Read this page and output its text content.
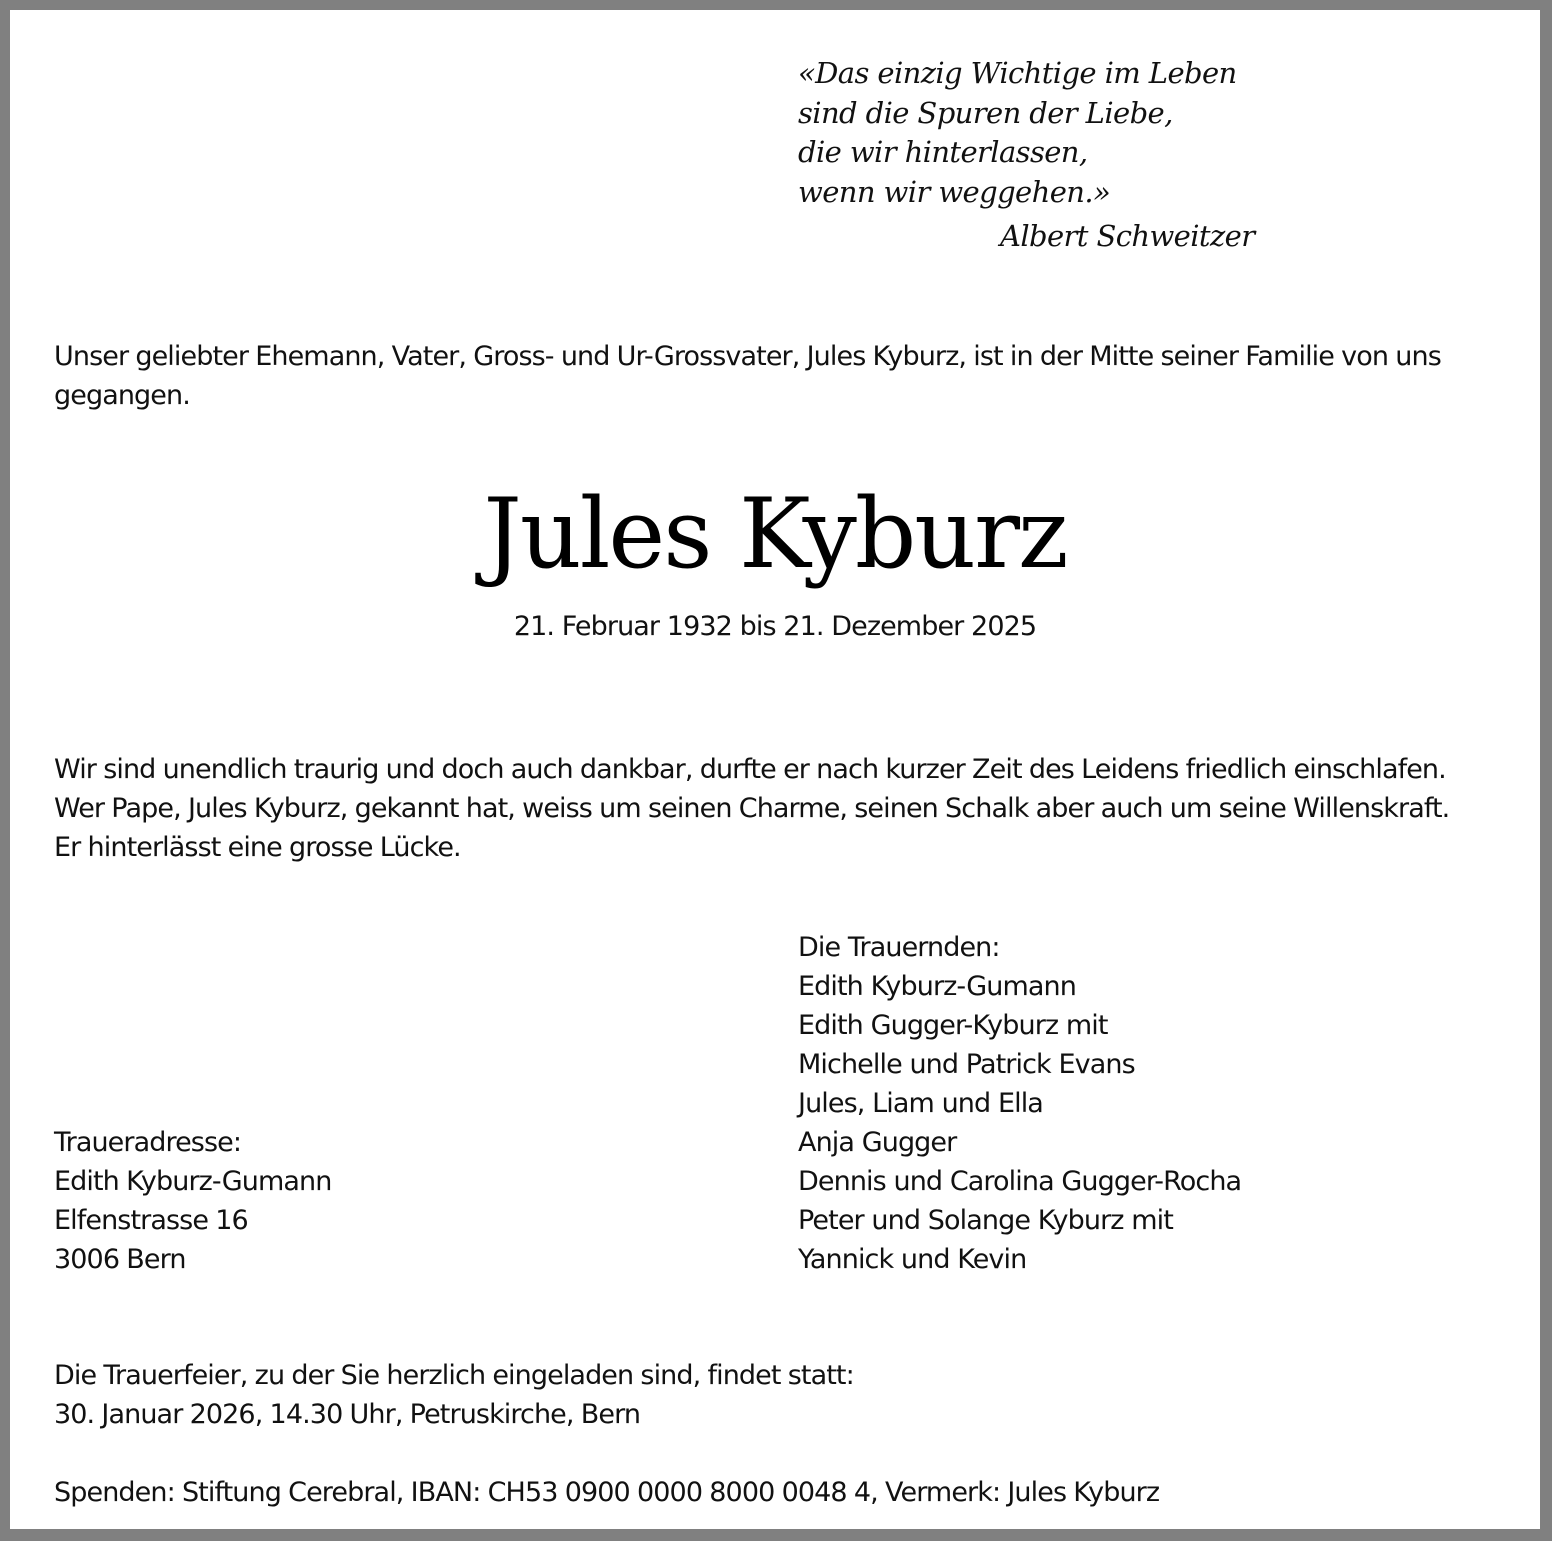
«Das einzig Wichtige im Leben
sind die Spuren der Liebe,
die wir hinterlassen,
wenn wir weggehen.»
Albert Schweitzer
Unser geliebter Ehemann, Vater, Gross- und Ur-Grossvater, Jules Kyburz, ist in der Mitte seiner Familie von uns gegangen.
Jules Kyburz
21. Februar 1932 bis 21. Dezember 2025
Wir sind unendlich traurig und doch auch dankbar, durfte er nach kurzer Zeit des Leidens friedlich einschlafen.
Wer Pape, Jules Kyburz, gekannt hat, weiss um seinen Charme, seinen Schalk aber auch um seine Willenskraft.
Er hinterlässt eine grosse Lücke.
Die Trauernden:
Edith Kyburz-Gumann
Edith Gugger-Kyburz mit
Michelle und Patrick Evans
Jules, Liam und Ella
Anja Gugger
Dennis und Carolina Gugger-Rocha
Peter und Solange Kyburz mit
Yannick und Kevin
Traueradresse:
Edith Kyburz-Gumann
Elfenstrasse 16
3006 Bern
Die Trauerfeier, zu der Sie herzlich eingeladen sind, findet statt:
30. Januar 2026, 14.30 Uhr, Petruskirche, Bern
Spenden: Stiftung Cerebral, IBAN: CH53 0900 0000 8000 0048 4, Vermerk: Jules Kyburz
